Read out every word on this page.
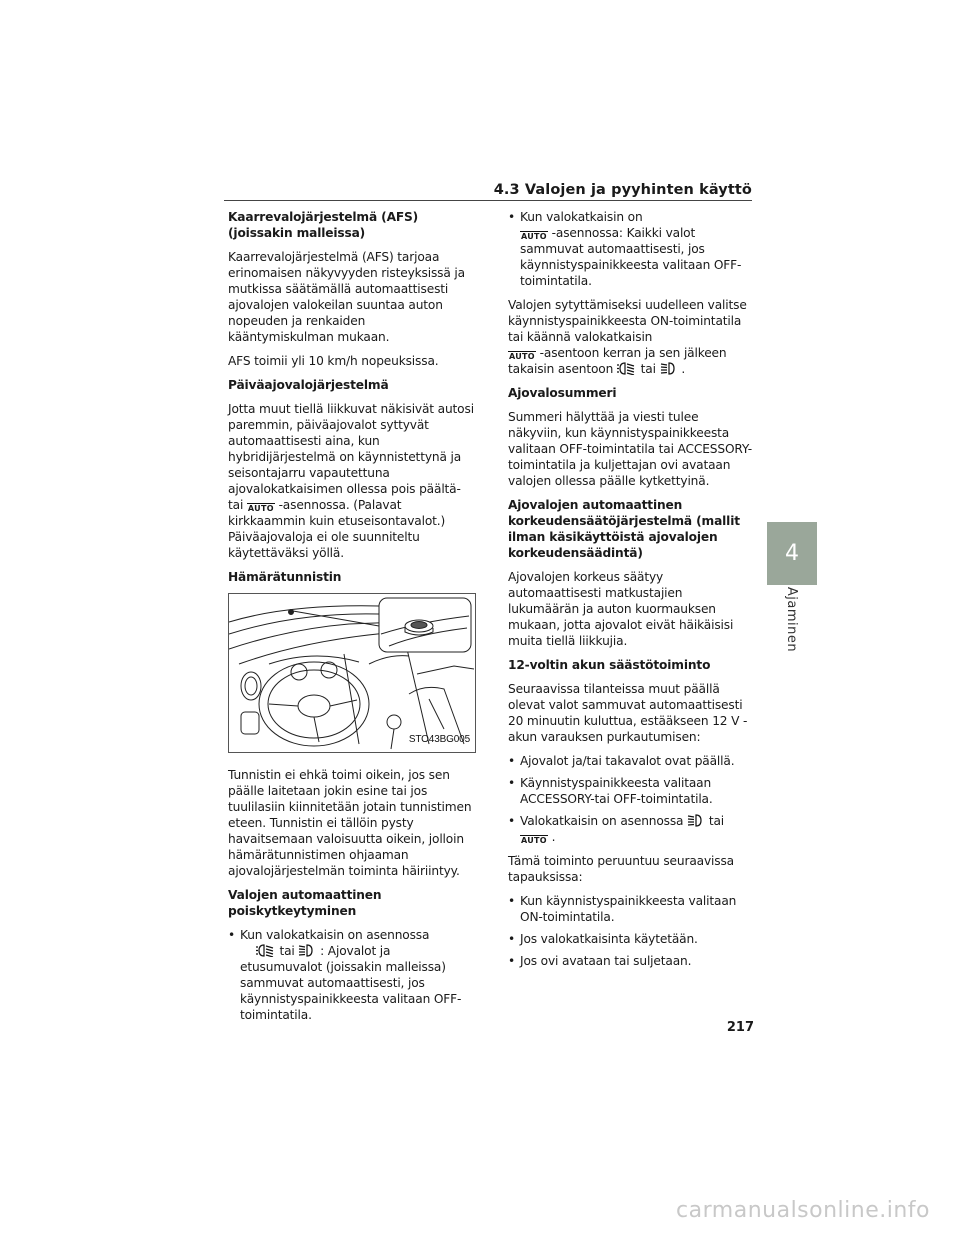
4.3 Valojen ja pyyhinten käyttö
4
Ajaminen
Kaarrevalojärjestelmä (AFS) (joissakin malleissa)

Kaarrevalojärjestelmä (AFS) tarjoaa erinomaisen näkyvyyden risteyksissä ja mutkissa säätämällä automaattisesti ajovalojen valokeilan suuntaa auton nopeuden ja renkaiden kääntymiskulman mukaan.

AFS toimii yli 10 km/h nopeuksissa.

Päiväajovalojärjestelmä

Jotta muut tiellä liikkuvat näkisivät autosi paremmin, päiväajovalot syttyvät automaattisesti aina, kun hybridijärjestelmä on käynnistettynä ja seisontajarru vapautettuna ajovalokatkaisimen ollessa pois päältä- tai AUTO -asennossa. (Palavat kirkkaammin kuin etuseisontavalot.) Päiväajovaloja ei ole suunniteltu käytettäväksi yöllä.

Hämärätunnistin
STO43BG005

Tunnistin ei ehkä toimi oikein, jos sen päälle laitetaan jokin esine tai jos tuulilasiin kiinnitetään jotain tunnistimen eteen. Tunnistin ei tällöin pysty havaitsemaan valoisuutta oikein, jolloin hämärätunnistimen ohjaaman ajovalojärjestelmän toiminta häiriintyy.

Valojen automaattinen poiskytkeytyminen
• Kun valokatkaisin on asennossa
tai : Ajovalot ja etusumuvalot (joissakin malleissa) sammuvat automaattisesti, jos käynnistyspainikkeesta valitaan OFF-toimintatila.
• Kun valokatkaisin on
AUTO -asennossa: Kaikki valot sammuvat automaattisesti, jos käynnistyspainikkeesta valitaan OFF-toimintatila.

Valojen sytyttämiseksi uudelleen valitse käynnistyspainikkeesta ON-toimintatila tai käännä valokatkaisin
AUTO -asentoon kerran ja sen jälkeen takaisin asentoon tai .

Ajovalosummeri

Summeri hälyttää ja viesti tulee näkyviin, kun käynnistyspainikkeesta valitaan OFF-toimintatila tai ACCESSORY-toimintatila ja kuljettajan ovi avataan valojen ollessa päälle kytkettyinä.

Ajovalojen automaattinen korkeudensäätöjärjestelmä (mallit ilman käsikäyttöistä ajovalojen korkeudensäädintä)

Ajovalojen korkeus säätyy automaattisesti matkustajien lukumäärän ja auton kuormauksen mukaan, jotta ajovalot eivät häikäisisi muita tiellä liikkujia.

12-voltin akun säästötoiminto

Seuraavissa tilanteissa muut päällä olevat valot sammuvat automaattisesti 20 minuutin kuluttua, estääkseen 12 V -akun varauksen purkautumisen:

• Ajovalot ja/tai takavalot ovat päällä.
• Käynnistyspainikkeesta valitaan ACCESSORY-tai OFF-toimintatila.
• Valokatkaisin on asennossa tai
AUTO .

Tämä toiminto peruuntuu seuraavissa tapauksissa:

• Kun käynnistyspainikkeesta valitaan ON-toimintatila.
• Jos valokatkaisinta käytetään.
• Jos ovi avataan tai suljetaan.
217
carmanualsonline.info
